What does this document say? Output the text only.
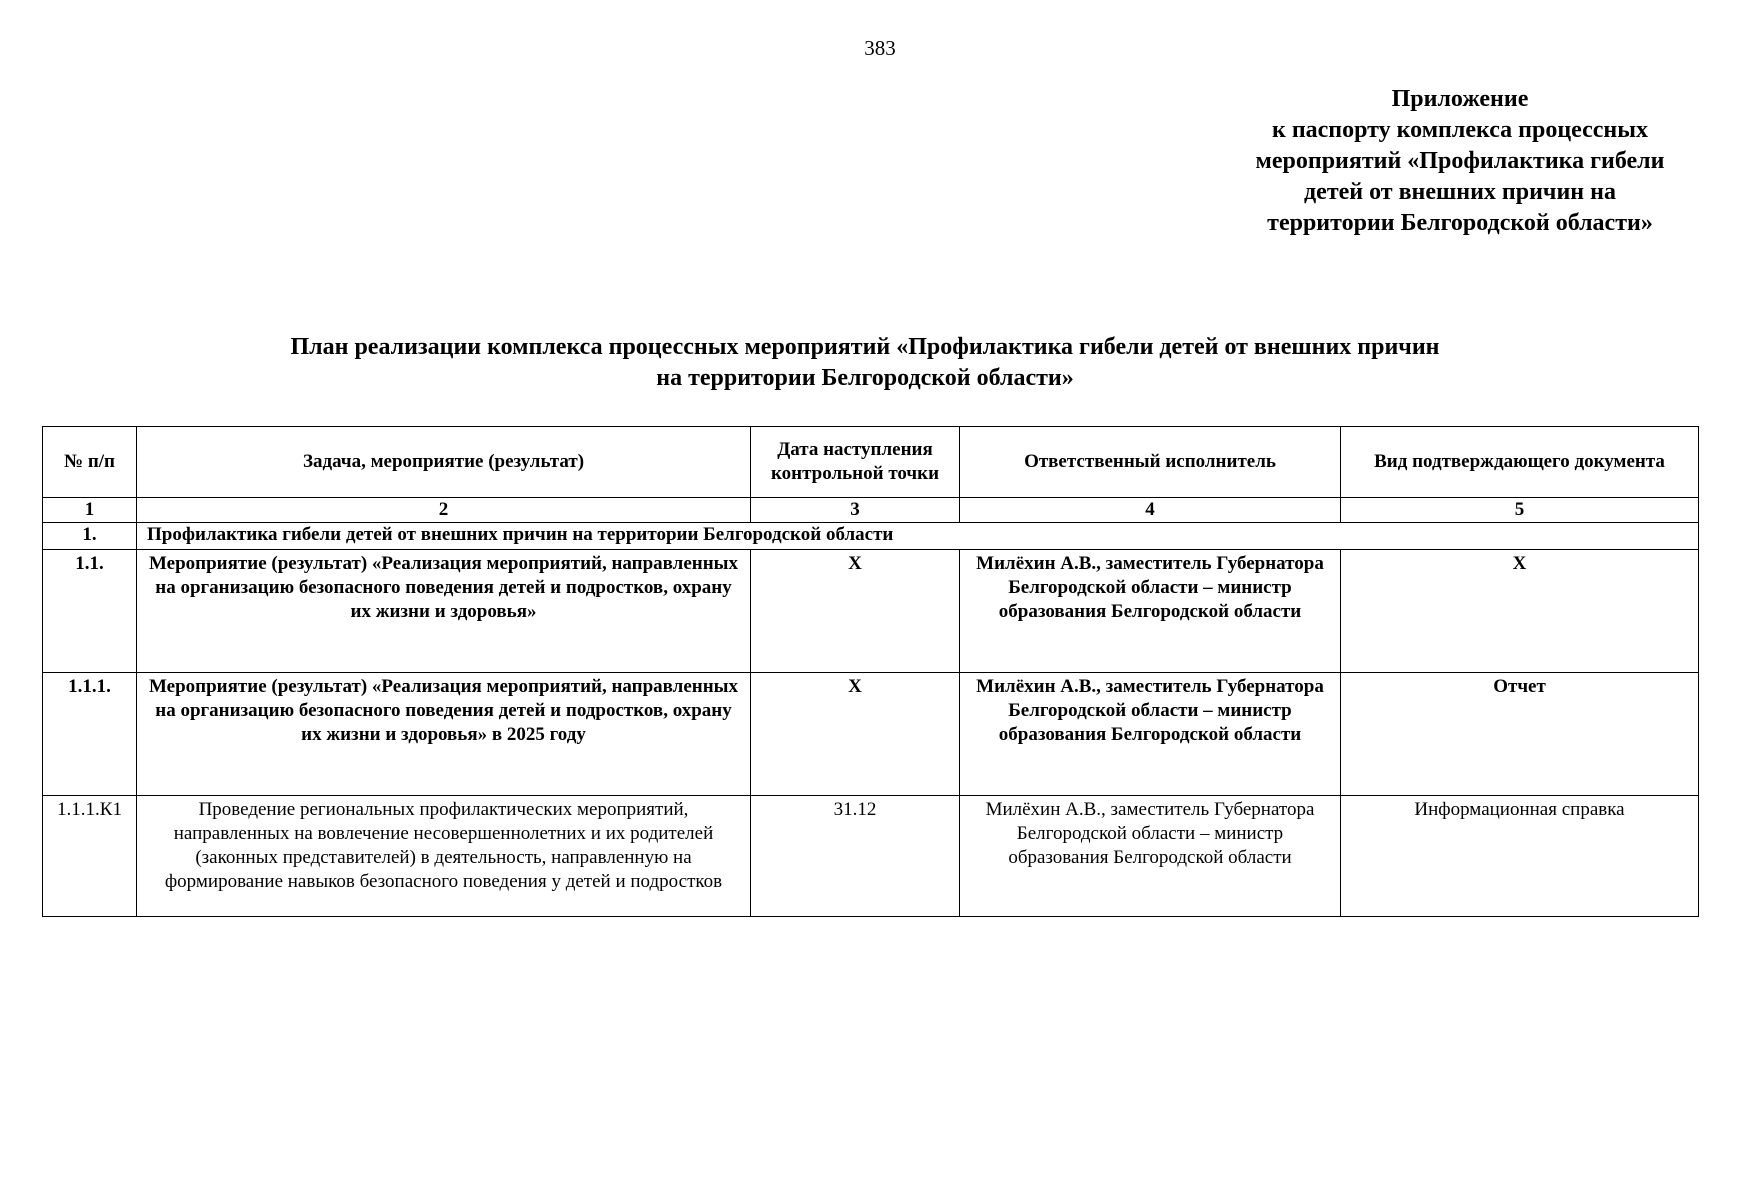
383
Приложение
к паспорту комплекса процессных
мероприятий «Профилактика гибели
детей от внешних причин на
территории Белгородской области»
План реализации комплекса процессных мероприятий «Профилактика гибели детей от внешних причин
на территории Белгородской области»
№ п/п	Задача, мероприятие (результат)	Дата наступления контрольной точки	Ответственный исполнитель	Вид подтверждающего документа
1	2	3	4	5
1.	Профилактика гибели детей от внешних причин на территории Белгородской области			
1.1.	Мероприятие (результат) «Реализация мероприятий, направленных на организацию безопасного поведения детей и подростков, охрану их жизни и здоровья»	X	Милёхин А.В., заместитель Губернатора Белгородской области – министр образования Белгородской области	X
1.1.1.	Мероприятие (результат) «Реализация мероприятий, направленных на организацию безопасного поведения детей и подростков, охрану их жизни и здоровья» в 2025 году	X	Милёхин А.В., заместитель Губернатора Белгородской области – министр образования Белгородской области	Отчет
1.1.1.К1	Проведение региональных профилактических мероприятий, направленных на вовлечение несовершеннолетних и их родителей (законных представителей) в деятельность, направленную на формирование навыков безопасного поведения у детей и подростков	31.12	Милёхин А.В., заместитель Губернатора Белгородской области – министр образования Белгородской области	Информационная справка
